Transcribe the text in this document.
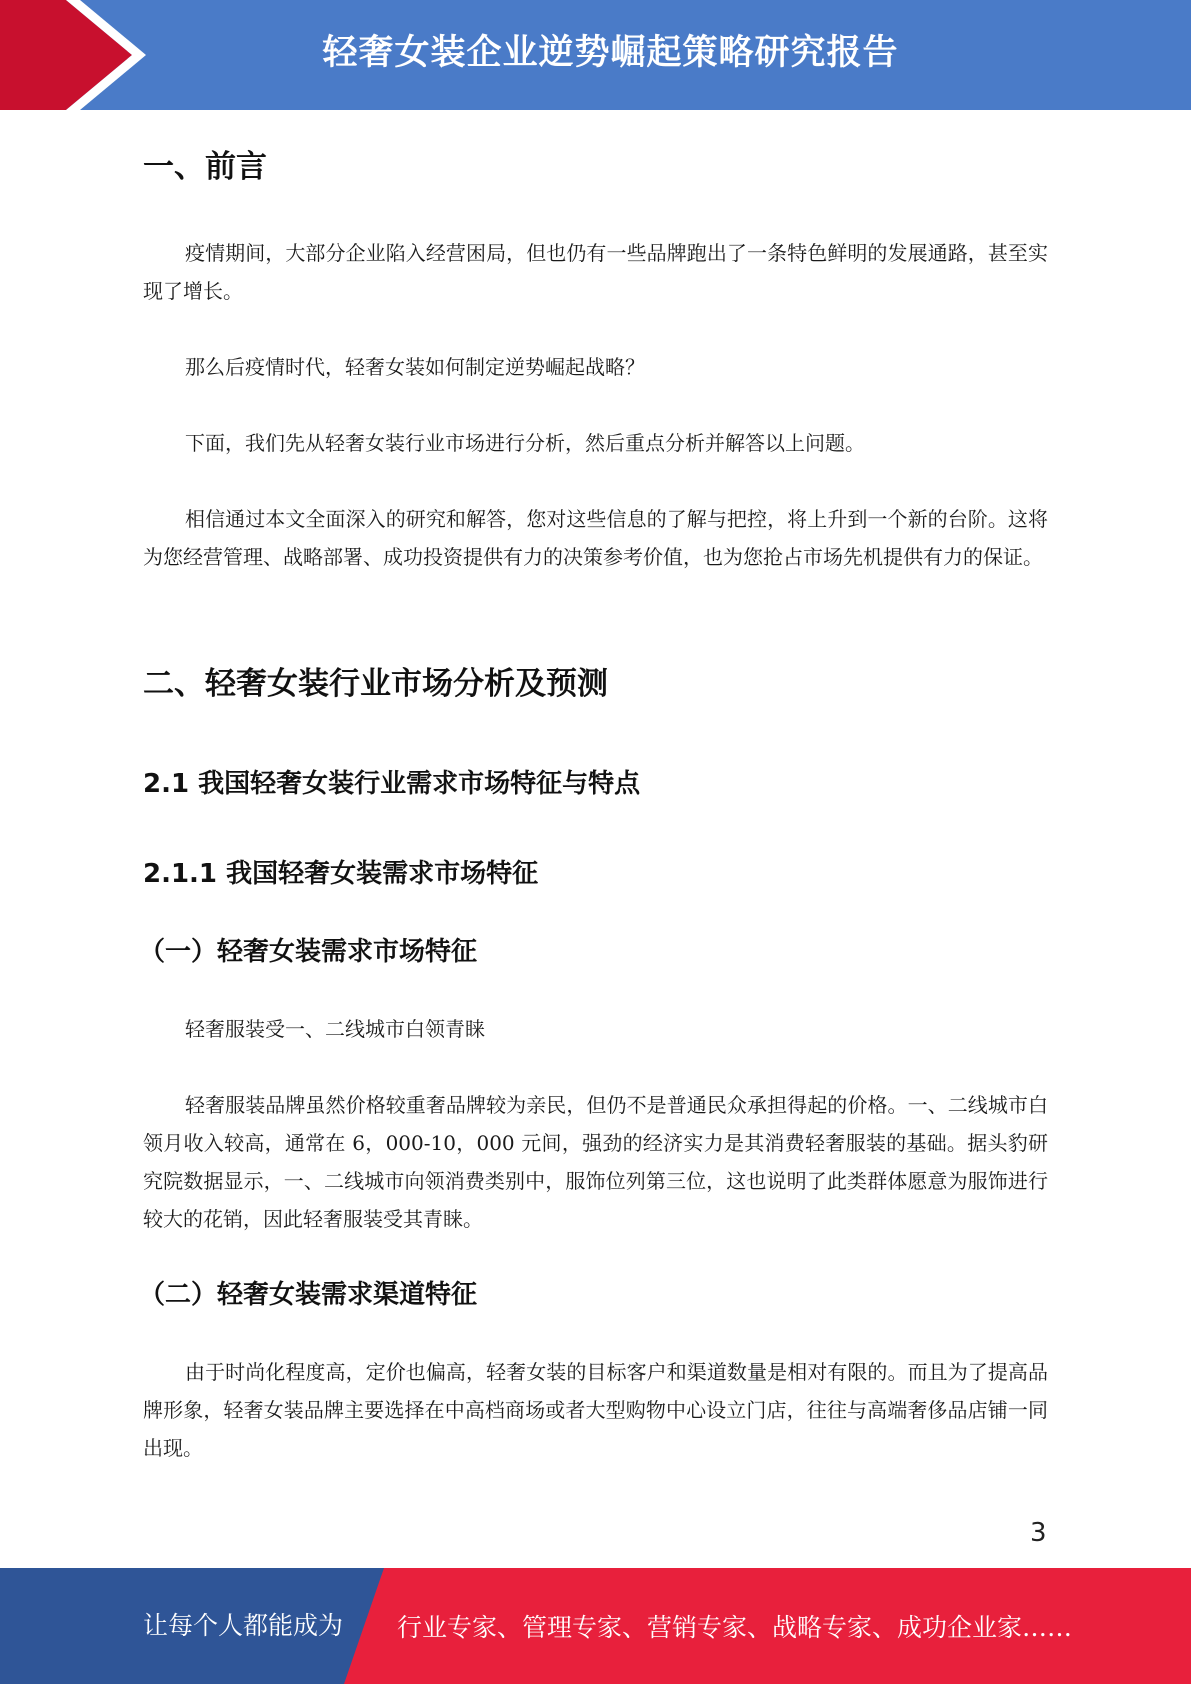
轻奢女装企业逆势崛起策略研究报告
一、前言

疫情期间，大部分企业陷入经营困局，但也仍有一些品牌跑出了一条特色鲜明的发展通路，甚至实现了增长。

那么后疫情时代，轻奢女装如何制定逆势崛起战略？

下面，我们先从轻奢女装行业市场进行分析，然后重点分析并解答以上问题。

相信通过本文全面深入的研究和解答，您对这些信息的了解与把控，将上升到一个新的台阶。这将为您经营管理、战略部署、成功投资提供有力的决策参考价值，也为您抢占市场先机提供有力的保证。

二、轻奢女装行业市场分析及预测
2.1 我国轻奢女装行业需求市场特征与特点
2.1.1 我国轻奢女装需求市场特征
（一）轻奢女装需求市场特征

轻奢服装受一、二线城市白领青睐

轻奢服装品牌虽然价格较重奢品牌较为亲民，但仍不是普通民众承担得起的价格。一、二线城市白领月收入较高，通常在 6，000-10，000 元间，强劲的经济实力是其消费轻奢服装的基础。据头豹研究院数据显示，一、二线城市向领消费类别中，服饰位列第三位，这也说明了此类群体愿意为服饰进行较大的花销，因此轻奢服装受其青睐。

（二）轻奢女装需求渠道特征

由于时尚化程度高，定价也偏高，轻奢女装的目标客户和渠道数量是相对有限的。而且为了提高品牌形象，轻奢女装品牌主要选择在中高档商场或者大型购物中心设立门店，往往与高端奢侈品店铺一同出现。

3
让每个人都能成为 行业专家、管理专家、营销专家、战略专家、成功企业家……
